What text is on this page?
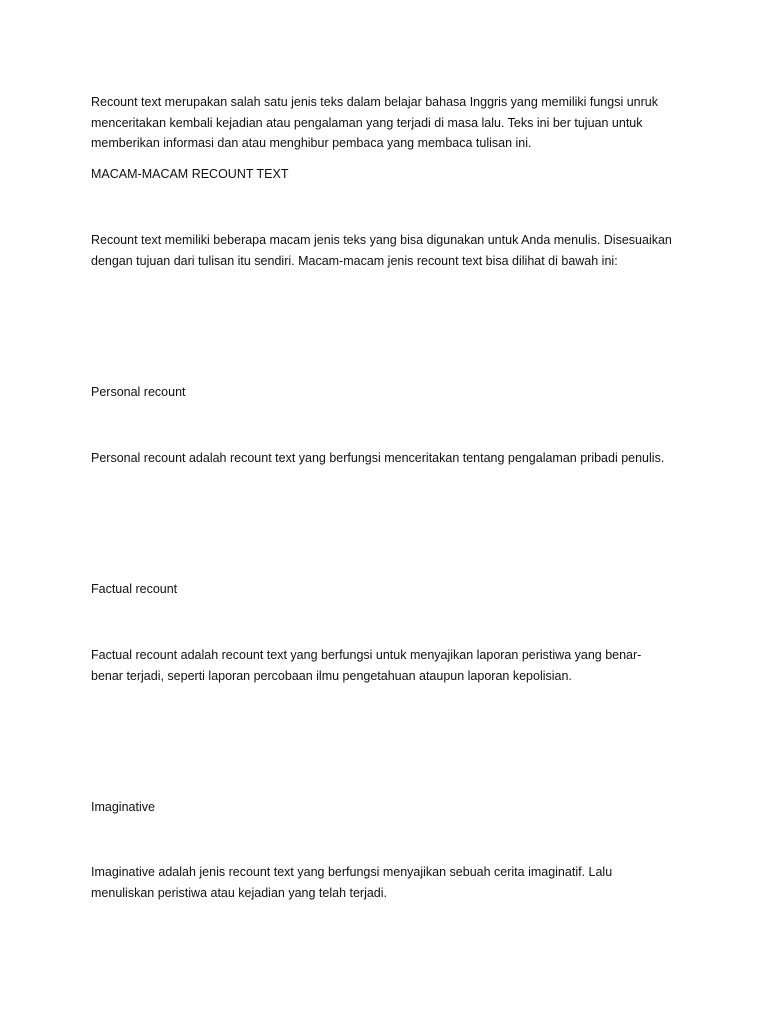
Recount text merupakan salah satu jenis teks dalam belajar bahasa Inggris yang memiliki fungsi unruk
menceritakan kembali kejadian atau pengalaman yang terjadi di masa lalu. Teks ini ber tujuan untuk
memberikan informasi dan atau menghibur pembaca yang membaca tulisan ini.

MACAM-MACAM RECOUNT TEXT

Recount text memiliki beberapa macam jenis teks yang bisa digunakan untuk Anda menulis. Disesuaikan
dengan tujuan dari tulisan itu sendiri. Macam-macam jenis recount text bisa dilihat di bawah ini:

Personal recount

Personal recount adalah recount text yang berfungsi menceritakan tentang pengalaman pribadi penulis.

Factual recount

Factual recount adalah recount text yang berfungsi untuk menyajikan laporan peristiwa yang benar-
benar terjadi, seperti laporan percobaan ilmu pengetahuan ataupun laporan kepolisian.

Imaginative

Imaginative adalah jenis recount text yang berfungsi menyajikan sebuah cerita imaginatif. Lalu
menuliskan peristiwa atau kejadian yang telah terjadi.
